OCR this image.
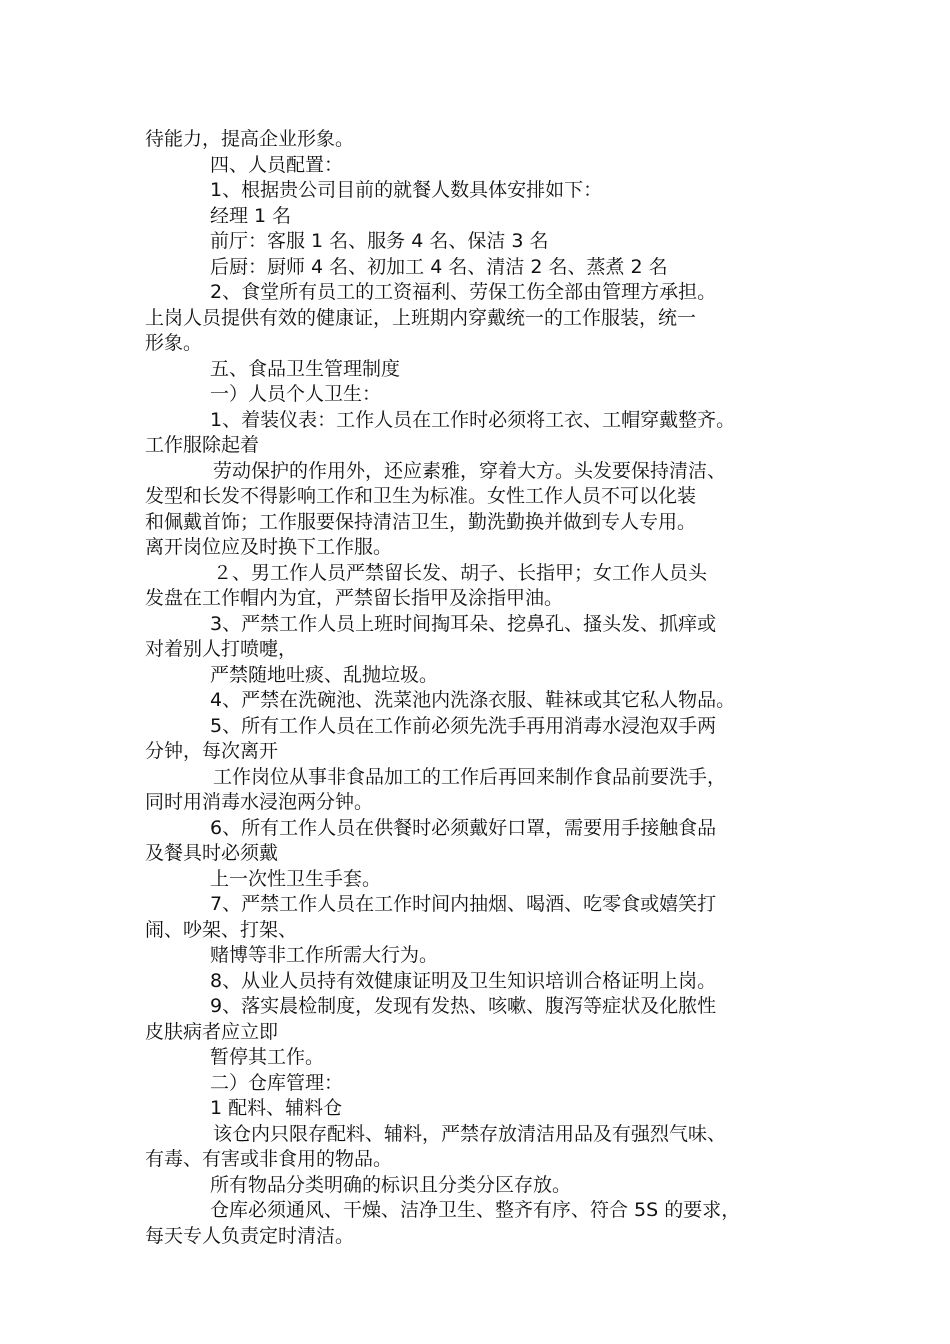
待能力，提高企业形象。

四、人员配置：

1、根据贵公司目前的就餐人数具体安排如下：

经理 1 名

前厅：客服 1 名、服务 4 名、保洁 3 名

后厨：厨师 4 名、初加工 4 名、清洁 2 名、蒸煮 2 名

2、食堂所有员工的工资福利、劳保工伤全部由管理方承担。

上岗人员提供有效的健康证，上班期内穿戴统一的工作服装，统一

形象。

五、食品卫生管理制度

一）人员个人卫生：

1、着装仪表：工作人员在工作时必须将工衣、工帽穿戴整齐。

工作服除起着

劳动保护的作用外，还应素雅，穿着大方。头发要保持清洁、

发型和长发不得影响工作和卫生为标准。女性工作人员不可以化装

和佩戴首饰；工作服要保持清洁卫生，勤洗勤换并做到专人专用。

离开岗位应及时换下工作服。

２、男工作人员严禁留长发、胡子、长指甲；女工作人员头

发盘在工作帽内为宜，严禁留长指甲及涂指甲油。

3、严禁工作人员上班时间掏耳朵、挖鼻孔、搔头发、抓痒或

对着别人打喷嚏，

严禁随地吐痰、乱抛垃圾。

4、严禁在洗碗池、洗菜池内洗涤衣服、鞋袜或其它私人物品。

5、所有工作人员在工作前必须先洗手再用消毒水浸泡双手两

分钟，每次离开

工作岗位从事非食品加工的工作后再回来制作食品前要洗手，

同时用消毒水浸泡两分钟。

6、所有工作人员在供餐时必须戴好口罩，需要用手接触食品

及餐具时必须戴

上一次性卫生手套。

7、严禁工作人员在工作时间内抽烟、喝酒、吃零食或嬉笑打

闹、吵架、打架、

赌博等非工作所需大行为。

8、从业人员持有效健康证明及卫生知识培训合格证明上岗。

9、落实晨检制度，发现有发热、咳嗽、腹泻等症状及化脓性

皮肤病者应立即

暂停其工作。

二）仓库管理：

1 配料、辅料仓

该仓内只限存配料、辅料，严禁存放清洁用品及有强烈气味、

有毒、有害或非食用的物品。

所有物品分类明确的标识且分类分区存放。

仓库必须通风、干燥、洁净卫生、整齐有序、符合 5S 的要求，

每天专人负责定时清洁。
